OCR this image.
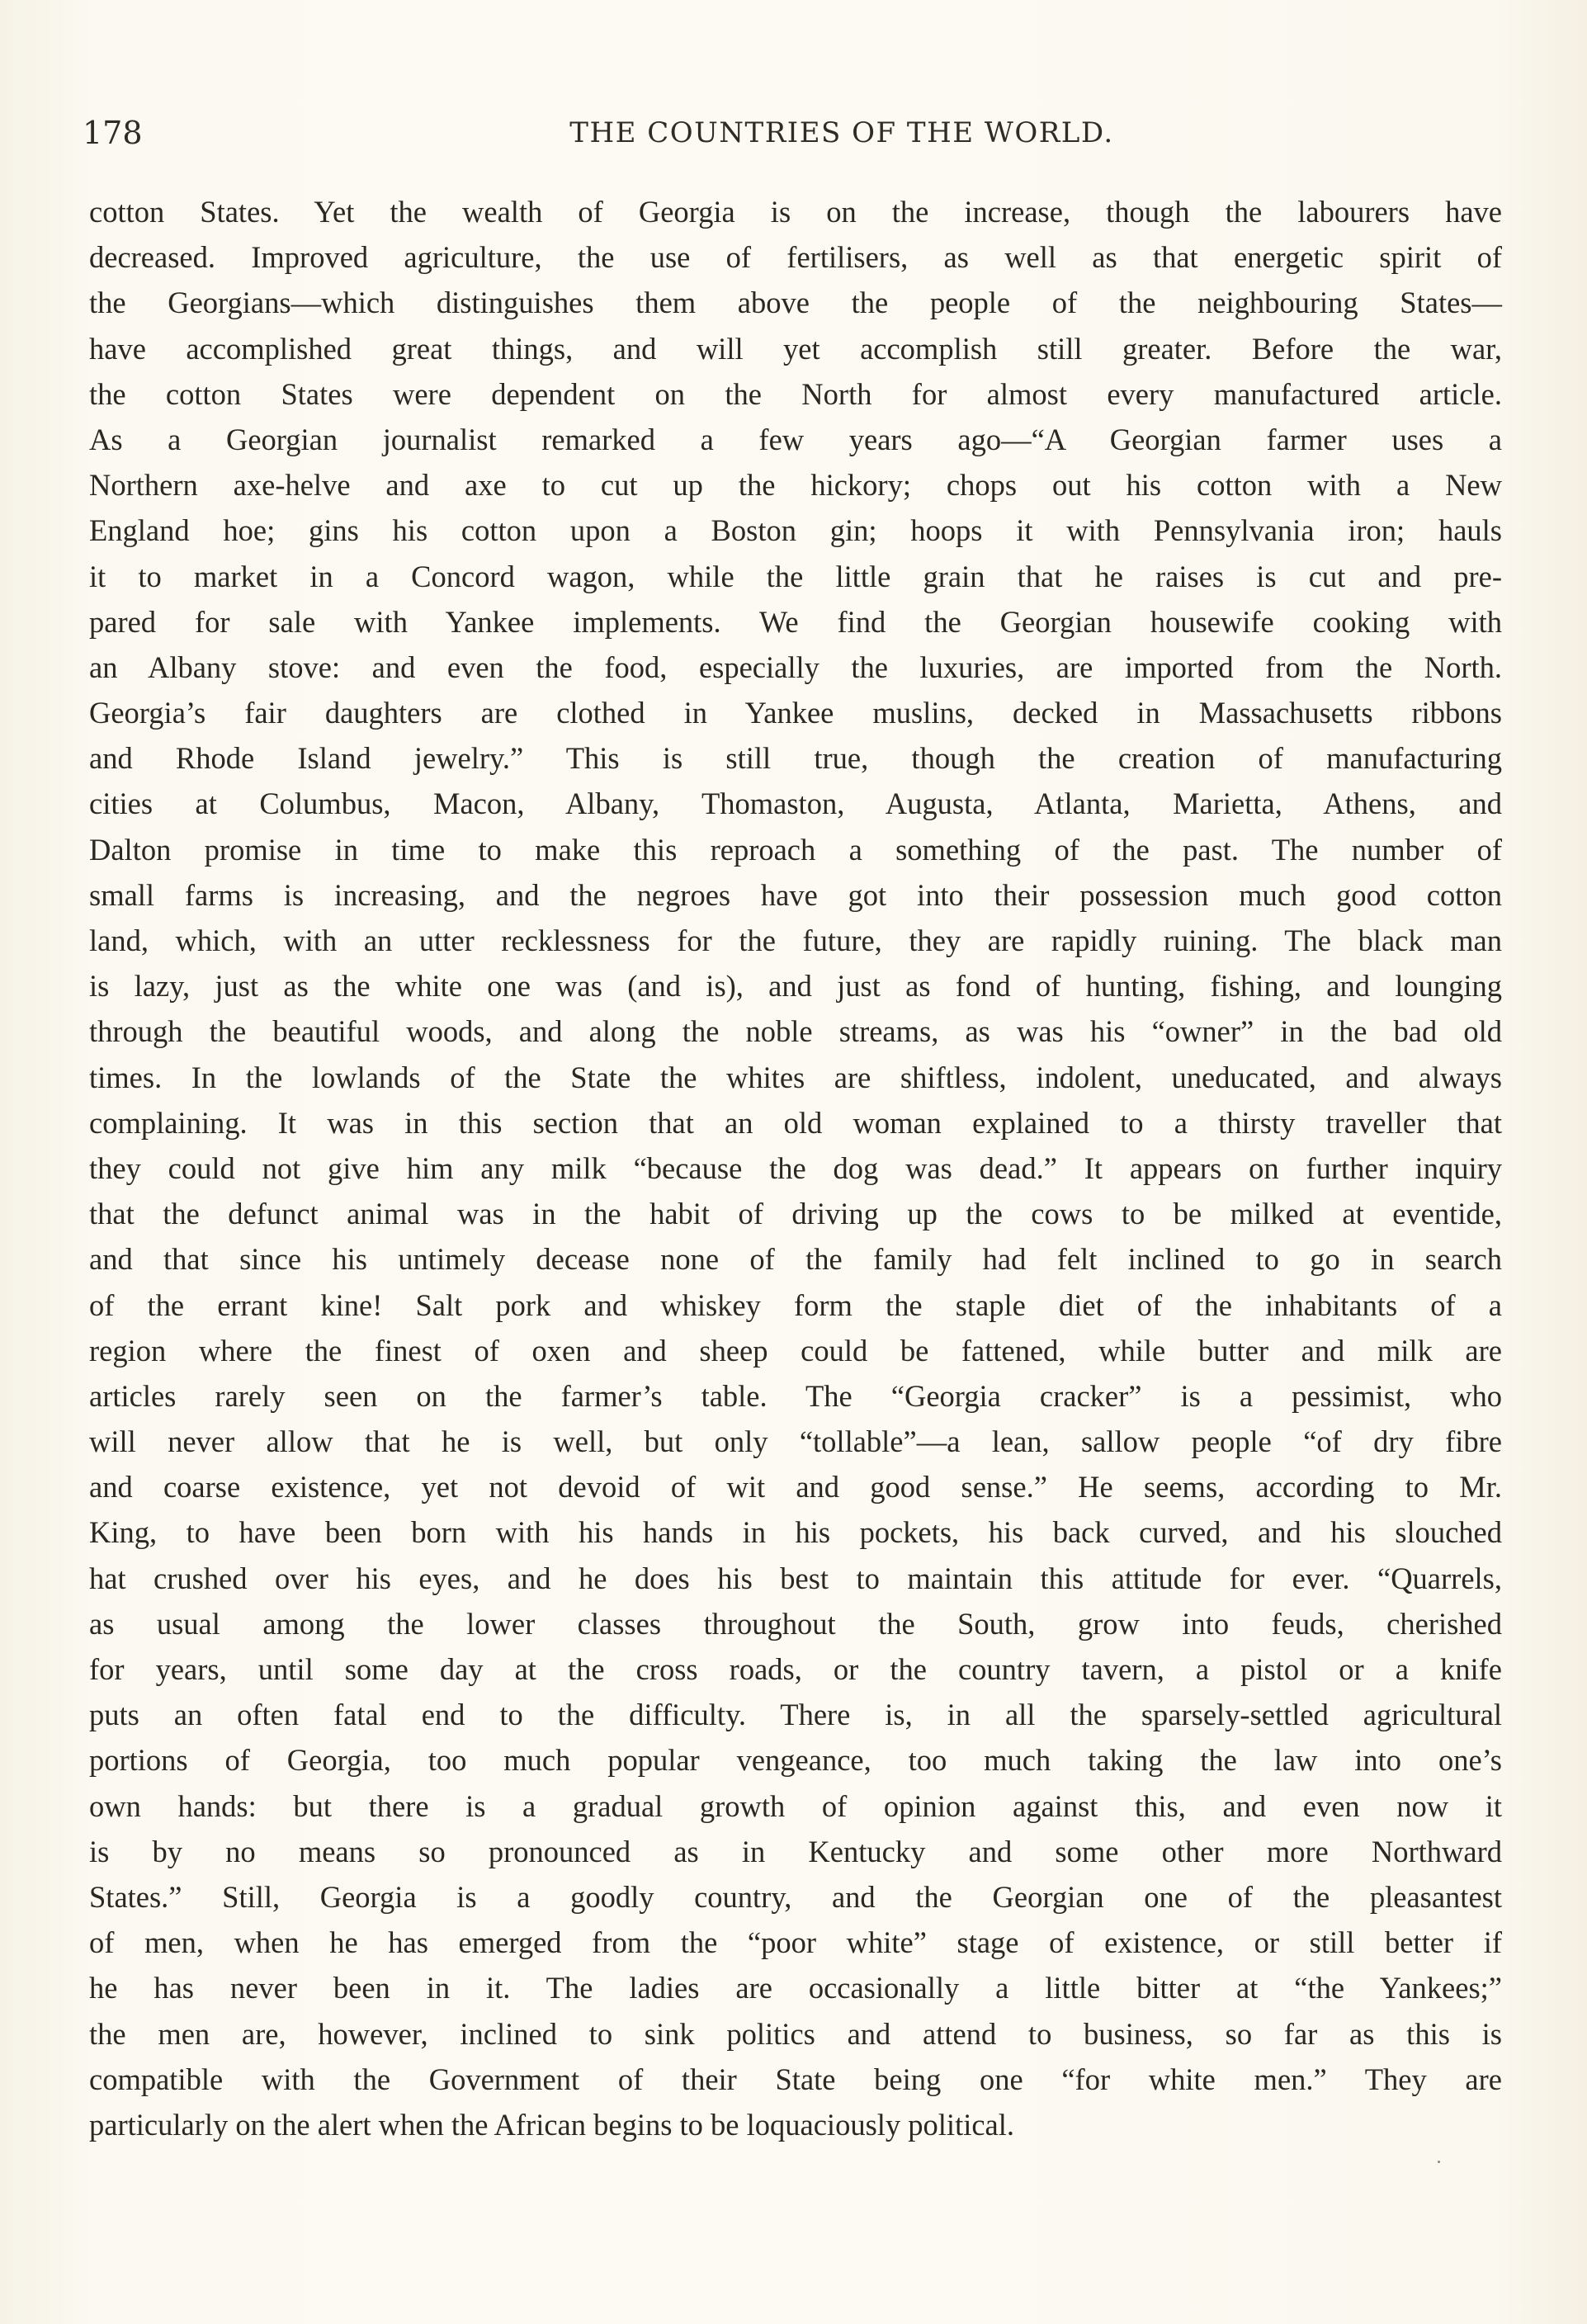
178	THE COUNTRIES OF THE WORLD.
cotton States. Yet the wealth of Georgia is on the increase, though the labourers have
decreased. Improved agriculture, the use of fertilisers, as well as that energetic spirit of
the Georgians—which distinguishes them above the people of the neighbouring States—
have accomplished great things, and will yet accomplish still greater. Before the war,
the cotton States were dependent on the North for almost every manufactured article.
As a Georgian journalist remarked a few years ago—“A Georgian farmer uses a
Northern axe-helve and axe to cut up the hickory; chops out his cotton with a New
England hoe; gins his cotton upon a Boston gin; hoops it with Pennsylvania iron; hauls
it to market in a Concord wagon, while the little grain that he raises is cut and pre-
pared for sale with Yankee implements. We find the Georgian housewife cooking with
an Albany stove: and even the food, especially the luxuries, are imported from the North.
Georgia’s fair daughters are clothed in Yankee muslins, decked in Massachusetts ribbons
and Rhode Island jewelry.” This is still true, though the creation of manufacturing
cities at Columbus, Macon, Albany, Thomaston, Augusta, Atlanta, Marietta, Athens, and
Dalton promise in time to make this reproach a something of the past. The number of
small farms is increasing, and the negroes have got into their possession much good cotton
land, which, with an utter recklessness for the future, they are rapidly ruining. The black man
is lazy, just as the white one was (and is), and just as fond of hunting, fishing, and lounging
through the beautiful woods, and along the noble streams, as was his “owner” in the bad old
times. In the lowlands of the State the whites are shiftless, indolent, uneducated, and always
complaining. It was in this section that an old woman explained to a thirsty traveller that
they could not give him any milk “because the dog was dead.” It appears on further inquiry
that the defunct animal was in the habit of driving up the cows to be milked at eventide,
and that since his untimely decease none of the family had felt inclined to go in search
of the errant kine! Salt pork and whiskey form the staple diet of the inhabitants of a
region where the finest of oxen and sheep could be fattened, while butter and milk are
articles rarely seen on the farmer’s table. The “Georgia cracker” is a pessimist, who
will never allow that he is well, but only “tollable”—a lean, sallow people “of dry fibre
and coarse existence, yet not devoid of wit and good sense.” He seems, according to Mr.
King, to have been born with his hands in his pockets, his back curved, and his slouched
hat crushed over his eyes, and he does his best to maintain this attitude for ever. “Quarrels,
as usual among the lower classes throughout the South, grow into feuds, cherished
for years, until some day at the cross roads, or the country tavern, a pistol or a knife
puts an often fatal end to the difficulty. There is, in all the sparsely-settled agricultural
portions of Georgia, too much popular vengeance, too much taking the law into one’s
own hands: but there is a gradual growth of opinion against this, and even now it
is by no means so pronounced as in Kentucky and some other more Northward
States.” Still, Georgia is a goodly country, and the Georgian one of the pleasantest
of men, when he has emerged from the “poor white” stage of existence, or still better if
he has never been in it. The ladies are occasionally a little bitter at “the Yankees;”
the men are, however, inclined to sink politics and attend to business, so far as this is
compatible with the Government of their State being one “for white men.” They are
particularly on the alert when the African begins to be loquaciously political.
